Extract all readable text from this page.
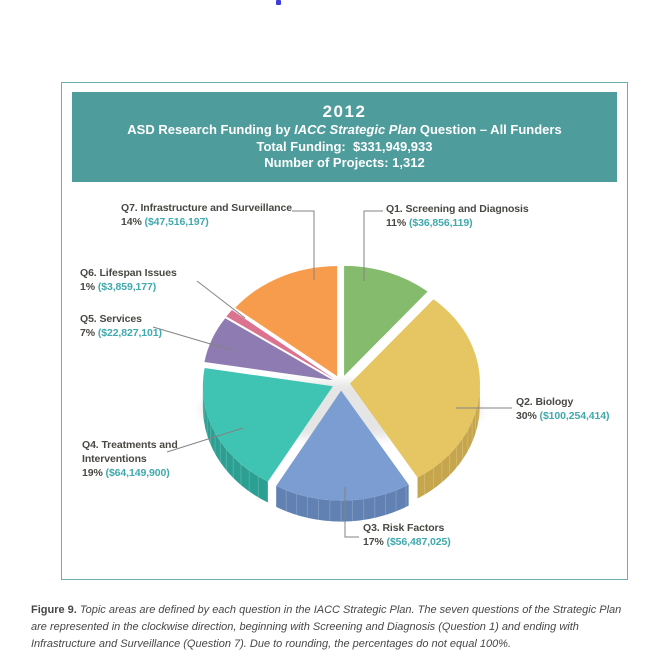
2012
ASD Research Funding by IACC Strategic Plan Question – All Funders
Total Funding:  $331,949,933
Number of Projects: 1,312
Q7. Infrastructure and Surveillance
14% ($47,516,197)
Q1. Screening and Diagnosis
11% ($36,856,119)
Q6. Lifespan Issues
1% ($3,859,177)
Q5. Services
7% ($22,827,101)
Q2. Biology
30% ($100,254,414)
Q4. Treatments and Interventions
19% ($64,149,900)
Q3. Risk Factors
17% ($56,487,025)
Figure 9. Topic areas are defined by each question in the IACC Strategic Plan. The seven questions of the Strategic Plan are represented in the clockwise direction, beginning with Screening and Diagnosis (Question 1) and ending with Infrastructure and Surveillance (Question 7). Due to rounding, the percentages do not equal 100%.
